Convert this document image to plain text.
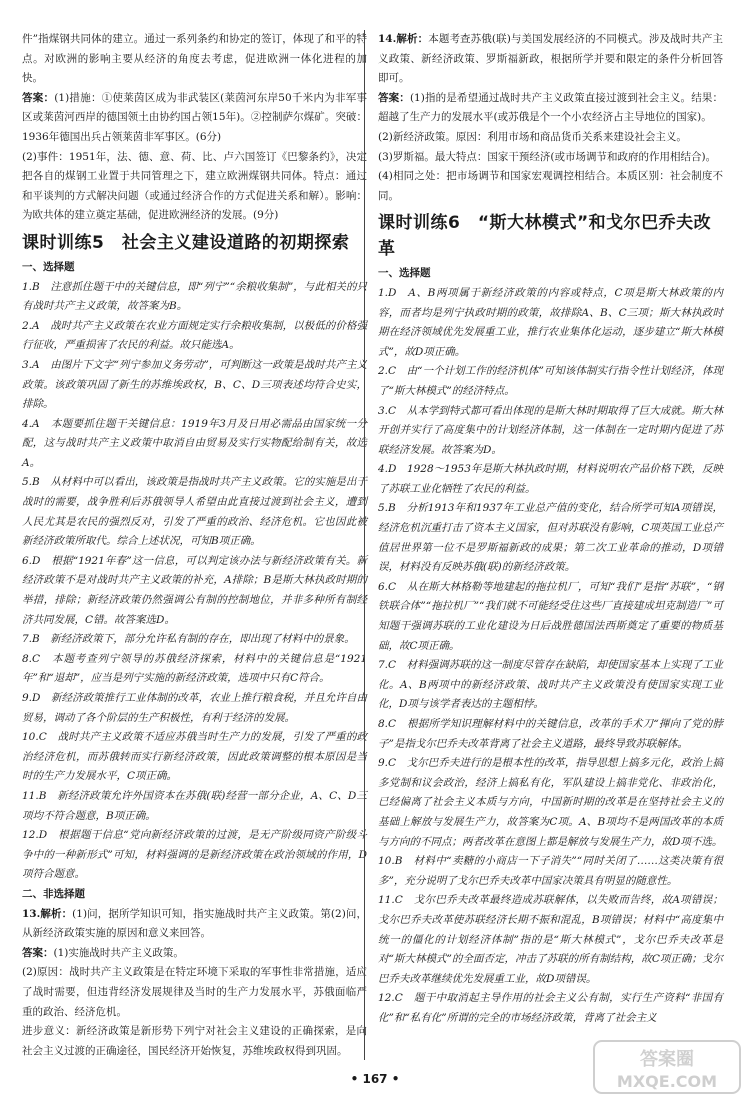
件”指煤钢共同体的建立。通过一系列条约和协定的签订，体现了和平的特点。对欧洲的影响主要从经济的角度去考虑，促进欧洲一体化进程的加快。

答案：(1)措施：①使莱茵区成为非武装区(莱茵河东岸50千米内为非军事区或莱茵河西岸的德国领土由协约国占领15年)。②控制萨尔煤矿。突破：1936年德国出兵占领莱茵非军事区。(6分)

(2)事件：1951年，法、德、意、荷、比、卢六国签订《巴黎条约》，决定把各自的煤钢工业置于共同管理之下，建立欧洲煤钢共同体。特点：通过和平谈判的方式解决问题（或通过经济合作的方式促进关系和解）。影响：为欧共体的建立奠定基础，促进欧洲经济的发展。(9分)

课时训练5　社会主义建设道路的初期探索

一、选择题

1.B　注意抓住题干中的关键信息，即“列宁”“余粮收集制”，与此相关的只有战时共产主义政策，故答案为B。

2.A　战时共产主义政策在农业方面规定实行余粮收集制，以极低的价格强行征收，严重损害了农民的利益。故只能选A。

3.A　由图片下文字“列宁参加义务劳动”，可判断这一政策是战时共产主义政策。该政策巩固了新生的苏维埃政权，B、C、D三项表述均符合史实，排除。

4.A　本题要抓住题干关键信息：1919年3月及日用必需品由国家统一分配，这与战时共产主义政策中取消自由贸易及实行实物配给制有关，故选A。

5.B　从材料中可以看出，该政策是指战时共产主义政策。它的实施是出于战时的需要，战争胜利后苏俄领导人希望由此直接过渡到社会主义，遭到人民尤其是农民的强烈反对，引发了严重的政治、经济危机。它也因此被新经济政策所取代。综合上述状况，可知B项正确。

6.D　根据“1921年春”这一信息，可以判定该办法与新经济政策有关。新经济政策不是对战时共产主义政策的补充，A排除；B是斯大林执政时期的举措，排除；新经济政策仍然强调公有制的控制地位，并非多种所有制经济共同发展，C错。故答案选D。

7.B　新经济政策下，部分允许私有制的存在，即出现了材料中的景象。

8.C　本题考查列宁领导的苏俄经济探索，材料中的关键信息是“1921年”和“退却”，应当是列宁实施的新经济政策，选项中只有C符合。

9.D　新经济政策推行工业体制的改革，农业上推行粮食税，并且允许自由贸易，调动了各个阶层的生产积极性，有利于经济的发展。

10.C　战时共产主义政策不适应苏俄当时生产力的发展，引发了严重的政治经济危机，而苏俄转而实行新经济政策，因此政策调整的根本原因是当时的生产力发展水平，C项正确。

11.B　新经济政策允许外国资本在苏俄(联)经营一部分企业，A、C、D三项均不符合题意，B项正确。

12.D　根据题干信息“党向新经济政策的过渡，是无产阶级同资产阶级斗争中的一种新形式”可知，材料强调的是新经济政策在政治领域的作用，D项符合题意。

二、非选择题

13.解析：(1)问，据所学知识可知，指实施战时共产主义政策。第(2)问，从新经济政策实施的原因和意义来回答。

答案：(1)实施战时共产主义政策。

(2)原因：战时共产主义政策是在特定环境下采取的军事性非常措施，适应了战时需要，但违背经济发展规律及当时的生产力发展水平，苏俄面临严重的政治、经济危机。

进步意义：新经济政策是新形势下列宁对社会主义建设的正确探索，是向社会主义过渡的正确途径，国民经济开始恢复，苏维埃政权得到巩固。

14.解析：本题考查苏俄(联)与美国发展经济的不同模式。涉及战时共产主义政策、新经济政策、罗斯福新政，根据所学并要和限定的条件分析回答即可。

答案：(1)指的是希望通过战时共产主义政策直接过渡到社会主义。结果：超越了生产力的发展水平(或苏俄是个一个小农经济占主导地位的国家)。

(2)新经济政策。原因：利用市场和商品货币关系来建设社会主义。

(3)罗斯福。最大特点：国家干预经济(或市场调节和政府的作用相结合)。

(4)相同之处：把市场调节和国家宏观调控相结合。本质区别：社会制度不同。

课时训练6　“斯大林模式”和戈尔巴乔夫改革

一、选择题

1.D　A、B两项属于新经济政策的内容或特点，C项是斯大林政策的内容，而者均是列宁执政时期的政策，故排除A、B、C三项；斯大林执政时期在经济领域优先发展重工业，推行农业集体化运动，逐步建立“斯大林模式”，故D项正确。

2.C　由“一个计划工作的经济机体”可知该体制实行指令性计划经济，体现了“斯大林模式”的经济特点。

3.C　从本学到特式都可看出体现的是斯大林时期取得了巨大成就。斯大林开创并实行了高度集中的计划经济体制，这一体制在一定时期内促进了苏联经济发展。故答案为D。

4.D　1928～1953年是斯大林执政时期，材料说明农产品价格下跌，反映了苏联工业化牺牲了农民的利益。

5.B　分析1913年和1937年工业总产值的变化，结合所学可知A项错误，经济危机沉重打击了资本主义国家，但对苏联没有影响，C项英国工业总产值居世界第一位不是罗斯福新政的成果；第二次工业革命的推动，D项错误，材料没有反映苏俄(联)的新经济政策。

6.C　从在斯大林格勒等地建起的拖拉机厂，可知“我们”是指“苏联”，“钢铁联合体”“拖拉机厂”“我们就不可能经受住这些厂直接建成坦克制造厂”可知题干强调苏联的工业化建设为日后战胜德国法西斯奠定了重要的物质基础，故C项正确。

7.C　材料强调苏联的这一制度尽管存在缺陷，却使国家基本上实现了工业化。A、B两项中的新经济政策、战时共产主义政策没有使国家实现工业化，D项与该学者表达的主题相悖。

8.C　根据所学知识理解材料中的关键信息，改革的手术刀“揮向了党的脖子”是指戈尔巴乔夫改革背离了社会主义道路，最终导致苏联解体。

9.C　戈尔巴乔夫进行的是根本性的改革，指导思想上搞多元化，政治上搞多党制和议会政治，经济上搞私有化，军队建设上搞非党化、非政治化，已经偏离了社会主义本质与方向，中国新时期的改革是在坚持社会主义的基础上解放与发展生产力，故答案为C项。A、B项均不是两国改革的本质与方向的不同点；两者改革在意图上都是解放与发展生产力，故D项不选。

10.B　材料中“卖糖的小商店一下子消失”“同时关闭了……这类决策有很多”，充分说明了戈尔巴乔夫改革中国家决策具有明显的随意性。

11.C　戈尔巴乔夫改革最终造成苏联解体，以失败而告终，故A项错误；戈尔巴乔夫改革使苏联经济长期不振和混乱，B项错误；材料中“高度集中统一的僵化的计划经济体制”指的是“斯大林模式”，戈尔巴乔夫改革是对“斯大林模式”的全面否定，冲击了苏联的所有制结构，故C项正确；戈尔巴乔夫改革继续优先发展重工业，故D项错误。

12.C　题干中取消起主导作用的社会主义公有制，实行生产资料“非国有化”和“私有化”所谓的完全的市场经济政策，背离了社会主义

• 167 •
答案圈
MXQE.COM
